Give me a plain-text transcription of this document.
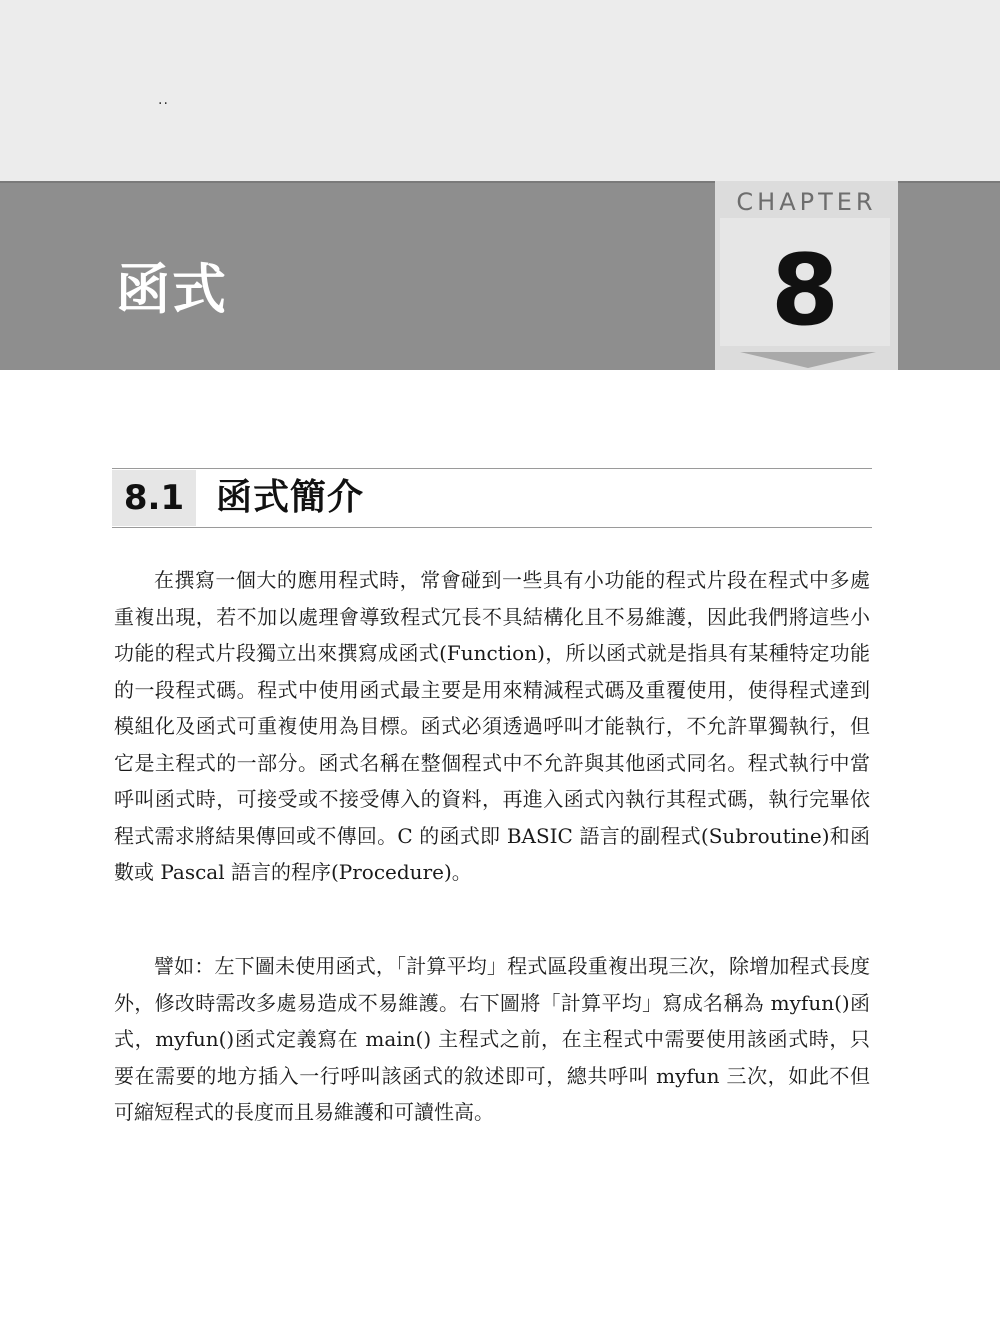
..
函式
CHAPTER
8
8.1 函式簡介

在撰寫一個大的應用程式時，常會碰到一些具有小功能的程式片段在程式中多處重複出現，若不加以處理會導致程式冗長不具結構化且不易維護，因此我們將這些小功能的程式片段獨立出來撰寫成函式(Function)，所以函式就是指具有某種特定功能的一段程式碼。程式中使用函式最主要是用來精減程式碼及重覆使用，使得程式達到模組化及函式可重複使用為目標。函式必須透過呼叫才能執行，不允許單獨執行，但它是主程式的一部分。函式名稱在整個程式中不允許與其他函式同名。程式執行中當呼叫函式時，可接受或不接受傳入的資料，再進入函式內執行其程式碼，執行完畢依程式需求將結果傳回或不傳回。C 的函式即 BASIC 語言的副程式(Subroutine)和函數或 Pascal 語言的程序(Procedure)。

譬如：左下圖未使用函式，「計算平均」程式區段重複出現三次，除增加程式長度外，修改時需改多處易造成不易維護。右下圖將「計算平均」寫成名稱為 myfun()函式，myfun()函式定義寫在 main() 主程式之前，在主程式中需要使用該函式時，只要在需要的地方插入一行呼叫該函式的敘述即可，總共呼叫 myfun 三次，如此不但可縮短程式的長度而且易維護和可讀性高。
